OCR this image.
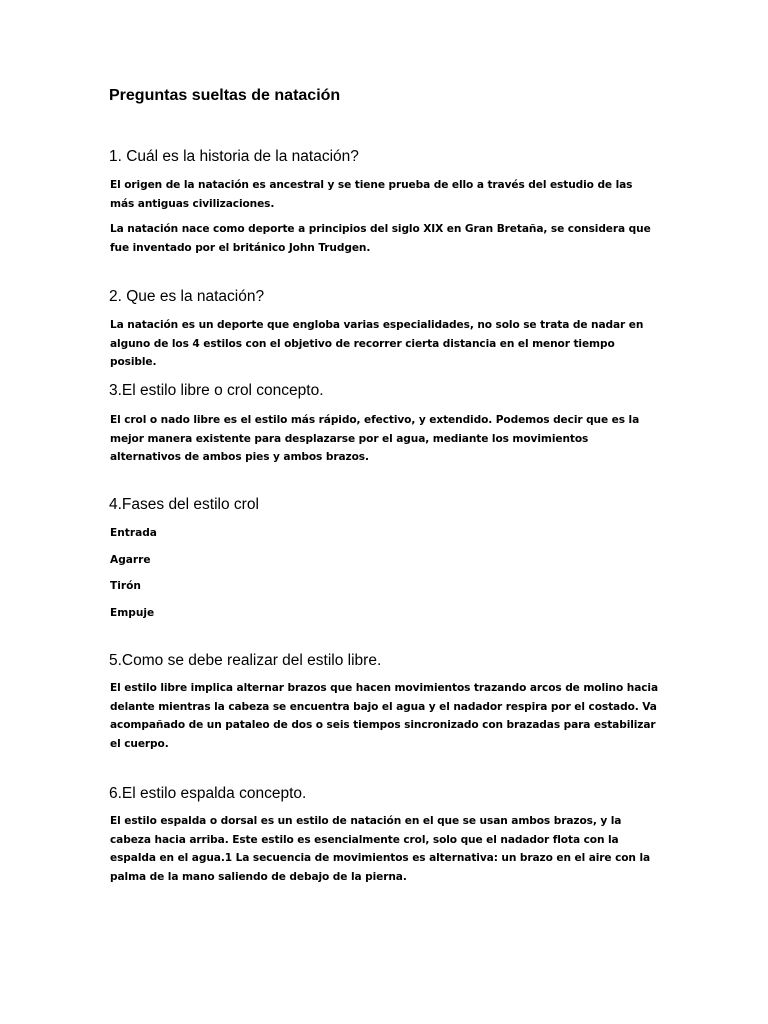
Preguntas sueltas de natación
1. Cuál es la historia de la natación?

El origen de la natación es ancestral y se tiene prueba de ello a través del estudio de las más antiguas civilizaciones.

La natación nace como deporte a principios del siglo XIX en Gran Bretaña, se considera que fue inventado por el británico John Trudgen.

2. Que es la natación?

La natación es un deporte que engloba varias especialidades, no solo se trata de nadar en alguno de los 4 estilos con el objetivo de recorrer cierta distancia en el menor tiempo posible.

3.El estilo libre o crol concepto.

El crol o nado libre es el estilo más rápido, efectivo, y extendido. Podemos decir que es la mejor manera existente para desplazarse por el agua, mediante los movimientos alternativos de ambos pies y ambos brazos.

4.Fases del estilo crol

Entrada

Agarre

Tirón

Empuje

5.Como se debe realizar del estilo libre.

El estilo libre implica alternar brazos que hacen movimientos trazando arcos de molino hacia delante mientras la cabeza se encuentra bajo el agua y el nadador respira por el costado. Va acompañado de un pataleo de dos o seis tiempos sincronizado con brazadas para estabilizar el cuerpo.

6.El estilo espalda concepto.

El estilo espalda o dorsal es un estilo de natación en el que se usan ambos brazos, y la cabeza hacia arriba. Este estilo es esencialmente crol, solo que el nadador flota con la espalda en el agua.1 La secuencia de movimientos es alternativa: un brazo en el aire con la palma de la mano saliendo de debajo de la pierna.
